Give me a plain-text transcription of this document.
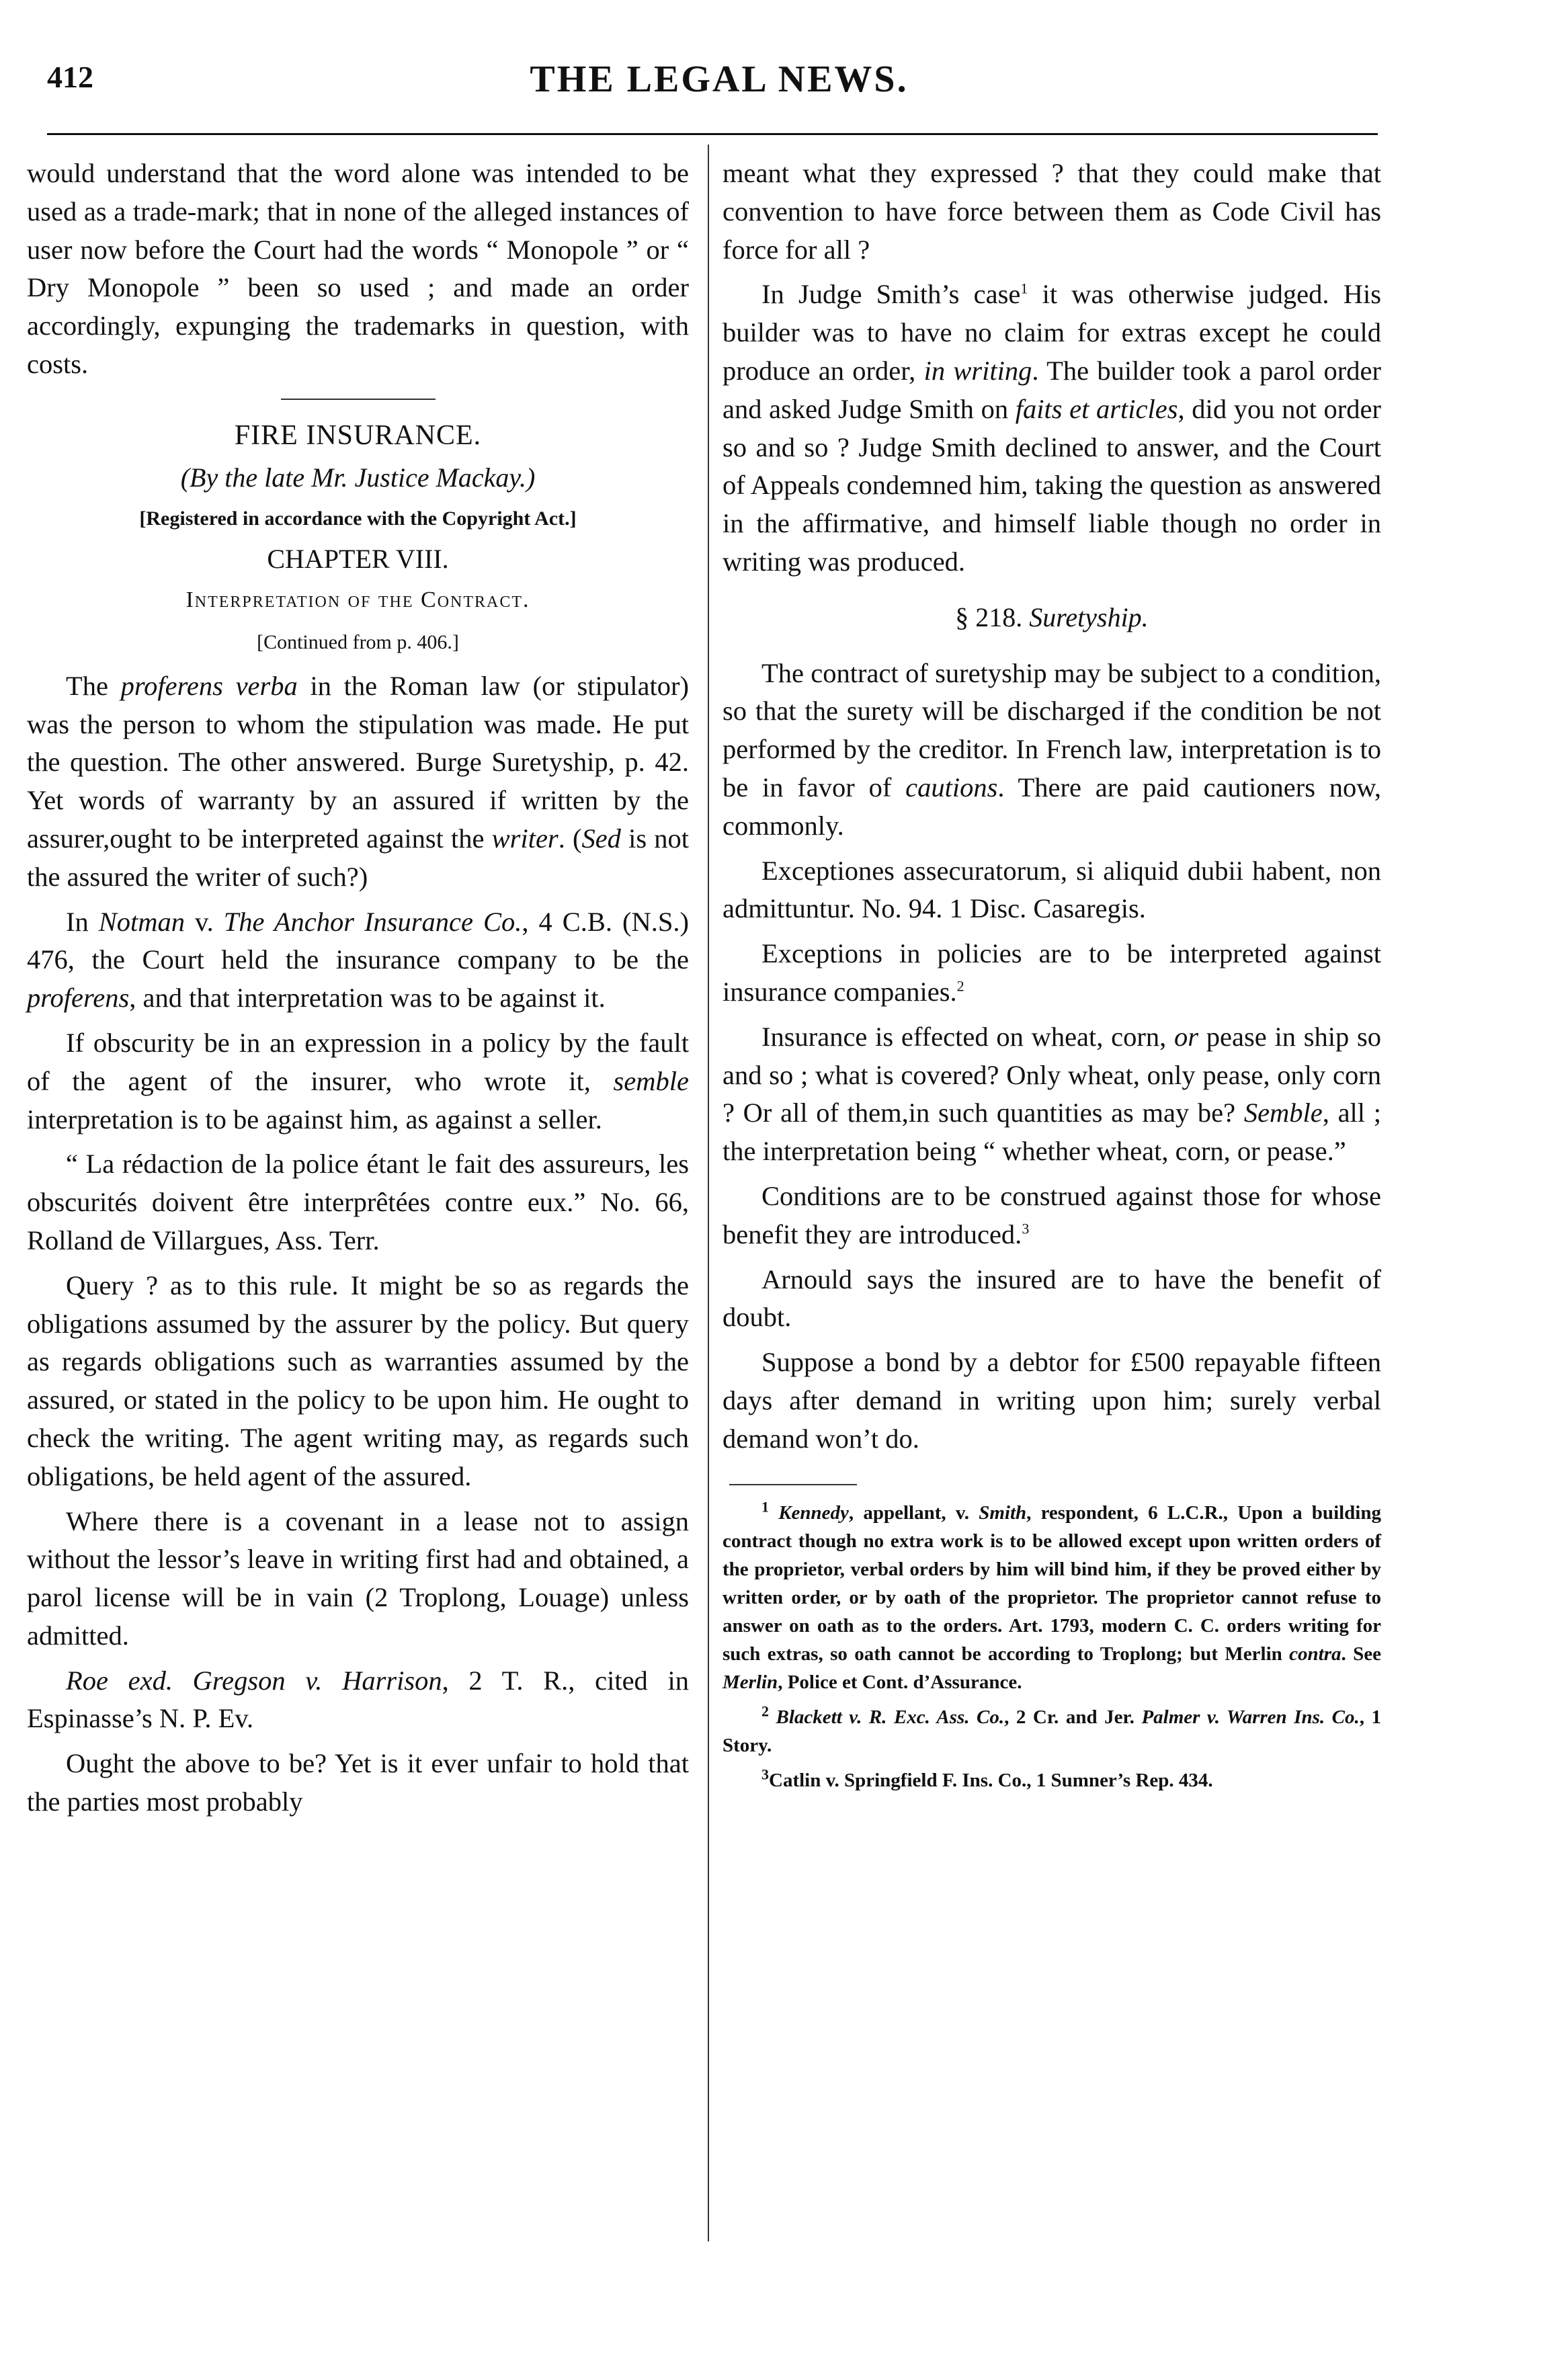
412	THE LEGAL NEWS.

would understand that the word alone was intended to be used as a trade-mark; that in none of the alleged instances of user now before the Court had the words “ Monopole ” or “ Dry Monopole ” been so used ; and made an order accordingly, expunging the trademarks in question, with costs.

FIRE INSURANCE.
(By the late Mr. Justice Mackay.)
[Registered in accordance with the Copyright Act.]
CHAPTER VIII.
Interpretation of the Contract.
[Continued from p. 406.]

The proferens verba in the Roman law (or stipulator) was the person to whom the stipulation was made. He put the question. The other answered. Burge Suretyship, p. 42. Yet words of warranty by an assured if written by the assurer,ought to be interpreted against the writer. (Sed is not the assured the writer of such?)

In Notman v. The Anchor Insurance Co., 4 C.B. (N.S.) 476, the Court held the insurance company to be the proferens, and that interpretation was to be against it.

If obscurity be in an expression in a policy by the fault of the agent of the insurer, who wrote it, semble interpretation is to be against him, as against a seller.

“ La rédaction de la police étant le fait des assureurs, les obscurités doivent être interprêtées contre eux.” No. 66, Rolland de Villargues, Ass. Terr.

Query ? as to this rule. It might be so as regards the obligations assumed by the assurer by the policy. But query as regards obligations such as warranties assumed by the assured, or stated in the policy to be upon him. He ought to check the writing. The agent writing may, as regards such obligations, be held agent of the assured.

Where there is a covenant in a lease not to assign without the lessor’s leave in writing first had and obtained, a parol license will be in vain (2 Troplong, Louage) unless admitted.

Roe exd. Gregson v. Harrison, 2 T. R., cited in Espinasse’s N. P. Ev.

Ought the above to be? Yet is it ever unfair to hold that the parties most probably

meant what they expressed ? that they could make that convention to have force between them as Code Civil has force for all ?

In Judge Smith’s case$^1$ it was otherwise judged. His builder was to have no claim for extras except he could produce an order, in writing. The builder took a parol order and asked Judge Smith on faits et articles, did you not order so and so ? Judge Smith declined to answer, and the Court of Appeals condemned him, taking the question as answered in the affirmative, and himself liable though no order in writing was produced.

§ 218. Suretyship.

The contract of suretyship may be subject to a condition, so that the surety will be discharged if the condition be not performed by the creditor. In French law, interpretation is to be in favor of cautions. There are paid cautioners now, commonly.

Exceptiones assecuratorum, si aliquid dubii habent, non admittuntur. No. 94. 1 Disc. Casaregis.

Exceptions in policies are to be interpreted against insurance companies.$^2$

Insurance is effected on wheat, corn, or pease in ship so and so ; what is covered? Only wheat, only pease, only corn ? Or all of them,in such quantities as may be? Semble, all ; the interpretation being “ whether wheat, corn, or pease.”

Conditions are to be construed against those for whose benefit they are introduced.$^3$

Arnould says the insured are to have the benefit of doubt.

Suppose a bond by a debtor for £500 repayable fifteen days after demand in writing upon him; surely verbal demand won’t do.

$^1$ Kennedy, appellant, v. Smith, respondent, 6 L.C.R., Upon a building contract though no extra work is to be allowed except upon written orders of the proprietor, verbal orders by him will bind him, if they be proved either by written order, or by oath of the proprietor. The proprietor cannot refuse to answer on oath as to the orders. Art. 1793, modern C. C. orders writing for such extras, so oath cannot be according to Troplong; but Merlin contra. See Merlin, Police et Cont. d’Assurance.

$^2$ Blackett v. R. Exc. Ass. Co., 2 Cr. and Jer. Palmer v. Warren Ins. Co., 1 Story.

$^3$Catlin v. Springfield F. Ins. Co., 1 Sumner’s Rep. 434.
